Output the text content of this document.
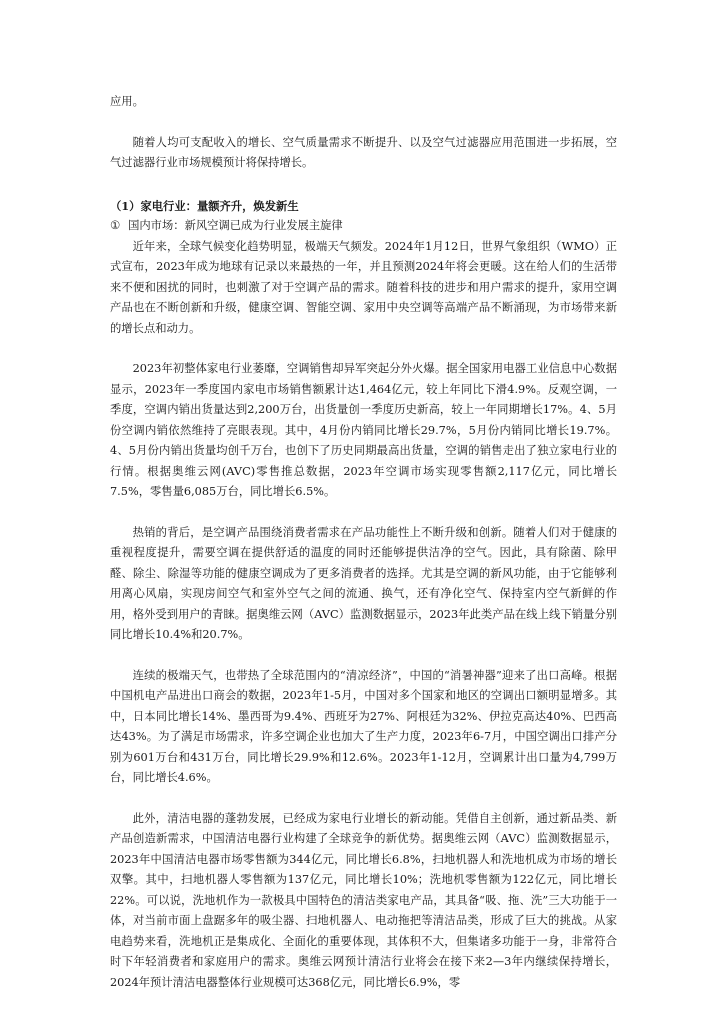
应用。

随着人均可支配收入的增长、空气质量需求不断提升、以及空气过滤器应用范围进一步拓展，空气过滤器行业市场规模预计将保持增长。

（1）家电行业：量额齐升，焕发新生

① 国内市场：新风空调已成为行业发展主旋律

近年来，全球气候变化趋势明显，极端天气频发。2024年1月12日，世界气象组织（WMO）正式宣布，2023年成为地球有记录以来最热的一年，并且预测2024年将会更暖。这在给人们的生活带来不便和困扰的同时，也刺激了对于空调产品的需求。随着科技的进步和用户需求的提升，家用空调产品也在不断创新和升级，健康空调、智能空调、家用中央空调等高端产品不断涌现，为市场带来新的增长点和动力。

2023年初整体家电行业萎靡，空调销售却异军突起分外火爆。据全国家用电器工业信息中心数据显示，2023年一季度国内家电市场销售额累计达1,464亿元，较上年同比下滑4.9%。反观空调，一季度，空调内销出货量达到2,200万台，出货量创一季度历史新高，较上一年同期增长17%。4、5月份空调内销依然维持了亮眼表现。其中，4月份内销同比增长29.7%，5月份内销同比增长19.7%。4、5月份内销出货量均创千万台，也创下了历史同期最高出货量，空调的销售走出了独立家电行业的行情。根据奥维云网(AVC)零售推总数据，2023年空调市场实现零售额2,117亿元，同比增长7.5%，零售量6,085万台，同比增长6.5%。

热销的背后，是空调产品围绕消费者需求在产品功能性上不断升级和创新。随着人们对于健康的重视程度提升，需要空调在提供舒适的温度的同时还能够提供洁净的空气。因此，具有除菌、除甲醛、除尘、除湿等功能的健康空调成为了更多消费者的选择。尤其是空调的新风功能，由于它能够利用离心风扇，实现房间空气和室外空气之间的流通、换气，还有净化空气、保持室内空气新鲜的作用，格外受到用户的青睐。据奥维云网（AVC）监测数据显示，2023年此类产品在线上线下销量分别同比增长10.4%和20.7%。

连续的极端天气，也带热了全球范围内的“清凉经济”，中国的“消暑神器”迎来了出口高峰。根据中国机电产品进出口商会的数据，2023年1-5月，中国对多个国家和地区的空调出口额明显增多。其中，日本同比增长14%、墨西哥为9.4%、西班牙为27%、阿根廷为32%、伊拉克高达40%、巴西高达43%。为了满足市场需求，许多空调企业也加大了生产力度，2023年6-7月，中国空调出口排产分别为601万台和431万台，同比增长29.9%和12.6%。2023年1-12月，空调累计出口量为4,799万台，同比增长4.6%。

此外，清洁电器的蓬勃发展，已经成为家电行业增长的新动能。凭借自主创新，通过新品类、新产品创造新需求，中国清洁电器行业构建了全球竞争的新优势。据奥维云网（AVC）监测数据显示，2023年中国清洁电器市场零售额为344亿元，同比增长6.8%，扫地机器人和洗地机成为市场的增长双擎。其中，扫地机器人零售额为137亿元，同比增长10%；洗地机零售额为122亿元，同比增长22%。可以说，洗地机作为一款极具中国特色的清洁类家电产品，其具备“吸、拖、洗”三大功能于一体，对当前市面上盘踞多年的吸尘器、扫地机器人、电动拖把等清洁品类，形成了巨大的挑战。从家电趋势来看，洗地机正是集成化、全面化的重要体现，其体积不大，但集诸多功能于一身，非常符合时下年轻消费者和家庭用户的需求。奥维云网预计清洁行业将会在接下来2—3年内继续保持增长，2024年预计清洁电器整体行业规模可达368亿元，同比增长6.9%，零
